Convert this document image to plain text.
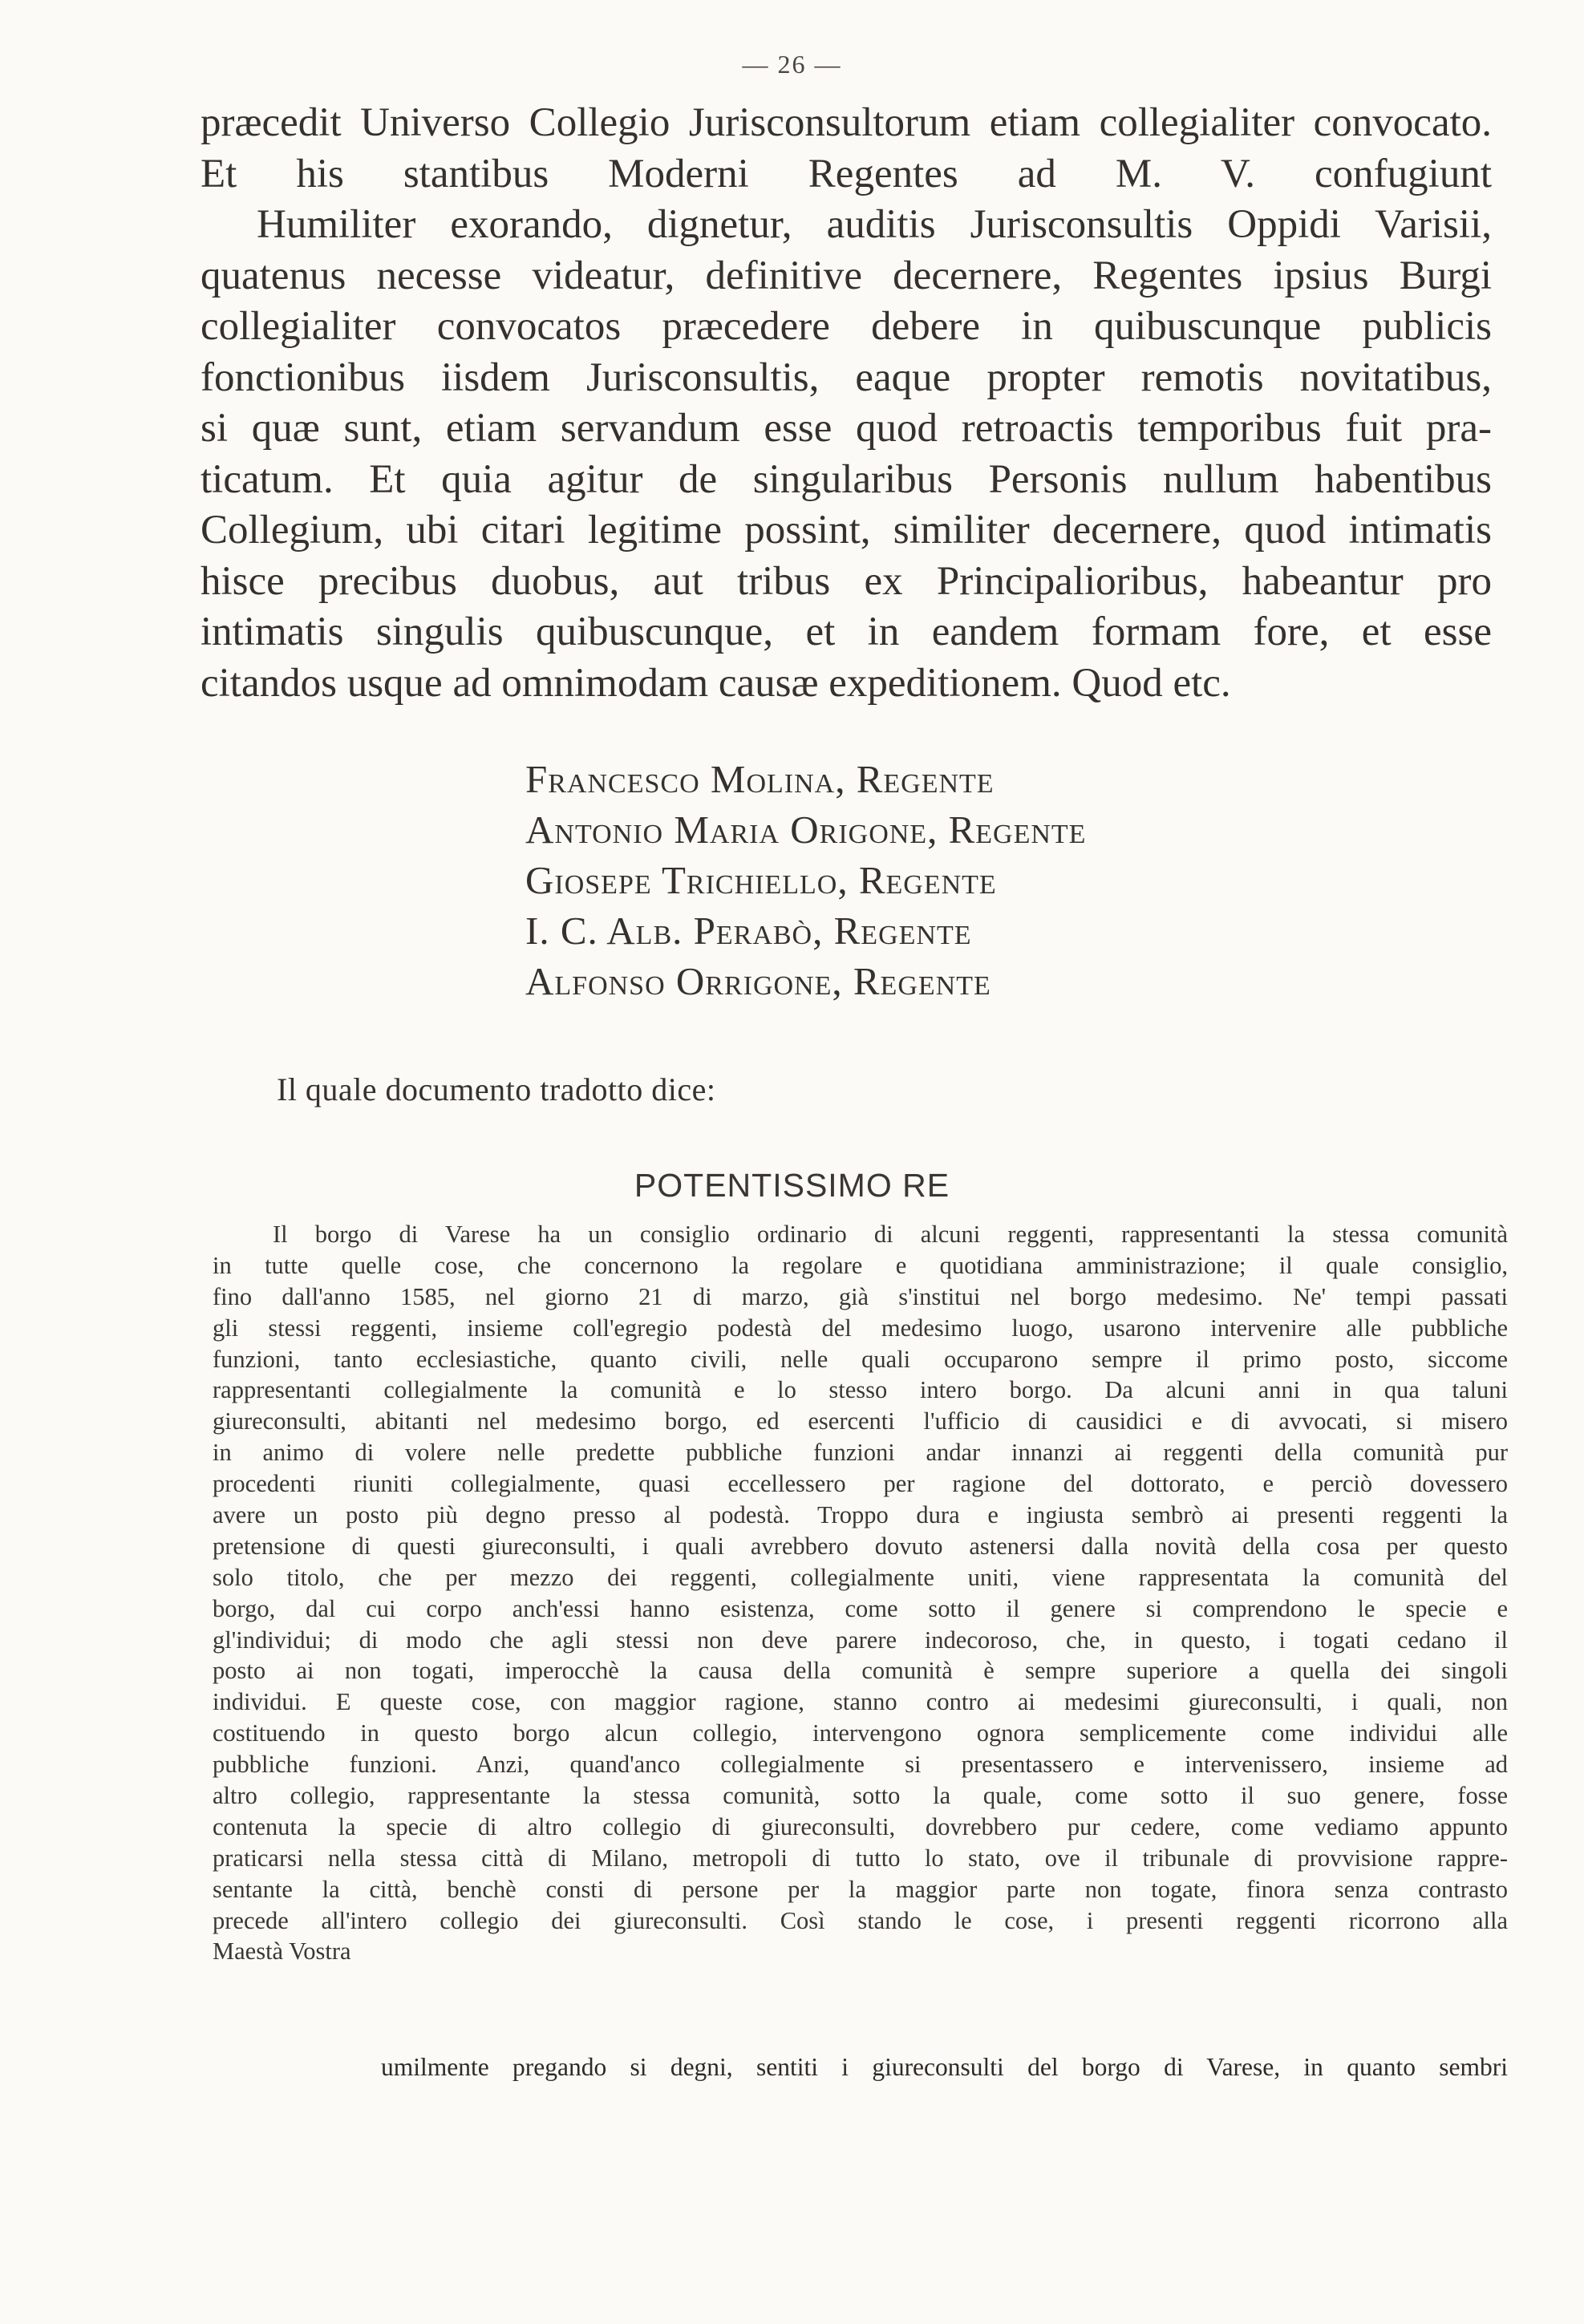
— 26 —
præcedit Universo Collegio Jurisconsultorum etiam collegialiter convocato.
Et his stantibus Moderni Regentes ad M. V. confugiunt
Humiliter exorando, dignetur, auditis Jurisconsultis Oppidi Varisii,
quatenus necesse videatur, definitive decernere, Regentes ipsius Burgi
collegialiter convocatos præcedere debere in quibuscunque publicis
fonctionibus iisdem Jurisconsultis, eaque propter remotis novitatibus,
si quæ sunt, etiam servandum esse quod retroactis temporibus fuit pra-
ticatum. Et quia agitur de singularibus Personis nullum habentibus
Collegium, ubi citari legitime possint, similiter decernere, quod intimatis
hisce precibus duobus, aut tribus ex Principalioribus, habeantur pro
intimatis singulis quibuscunque, et in eandem formam fore, et esse
citandos usque ad omnimodam causæ expeditionem. Quod etc.
Francesco Molina, Regente
Antonio Maria Origone, Regente
Giosepe Trichiello, Regente
I. C. Alb. Perabò, Regente
Alfonso Orrigone, Regente
Il quale documento tradotto dice:
POTENTISSIMO RE
Il borgo di Varese ha un consiglio ordinario di alcuni reggenti, rappresentanti la stessa comunità
in tutte quelle cose, che concernono la regolare e quotidiana amministrazione; il quale consiglio,
fino dall'anno 1585, nel giorno 21 di marzo, già s'institui nel borgo medesimo. Ne' tempi passati
gli stessi reggenti, insieme coll'egregio podestà del medesimo luogo, usarono intervenire alle pubbliche
funzioni, tanto ecclesiastiche, quanto civili, nelle quali occuparono sempre il primo posto, siccome
rappresentanti collegialmente la comunità e lo stesso intero borgo. Da alcuni anni in qua taluni
giureconsulti, abitanti nel medesimo borgo, ed esercenti l'ufficio di causidici e di avvocati, si misero
in animo di volere nelle predette pubbliche funzioni andar innanzi ai reggenti della comunità pur
procedenti riuniti collegialmente, quasi eccellessero per ragione del dottorato, e perciò dovessero
avere un posto più degno presso al podestà. Troppo dura e ingiusta sembrò ai presenti reggenti la
pretensione di questi giureconsulti, i quali avrebbero dovuto astenersi dalla novità della cosa per questo
solo titolo, che per mezzo dei reggenti, collegialmente uniti, viene rappresentata la comunità del
borgo, dal cui corpo anch'essi hanno esistenza, come sotto il genere si comprendono le specie e
gl'individui; di modo che agli stessi non deve parere indecoroso, che, in questo, i togati cedano il
posto ai non togati, imperocchè la causa della comunità è sempre superiore a quella dei singoli
individui. E queste cose, con maggior ragione, stanno contro ai medesimi giureconsulti, i quali, non
costituendo in questo borgo alcun collegio, intervengono ognora semplicemente come individui alle
pubbliche funzioni. Anzi, quand'anco collegialmente si presentassero e intervenissero, insieme ad
altro collegio, rappresentante la stessa comunità, sotto la quale, come sotto il suo genere, fosse
contenuta la specie di altro collegio di giureconsulti, dovrebbero pur cedere, come vediamo appunto
praticarsi nella stessa città di Milano, metropoli di tutto lo stato, ove il tribunale di provvisione rappre-
sentante la città, benchè consti di persone per la maggior parte non togate, finora senza contrasto
precede all'intero collegio dei giureconsulti. Così stando le cose, i presenti reggenti ricorrono alla
Maestà Vostra
umilmente pregando si degni, sentiti i giureconsulti del borgo di Varese, in quanto sembri
